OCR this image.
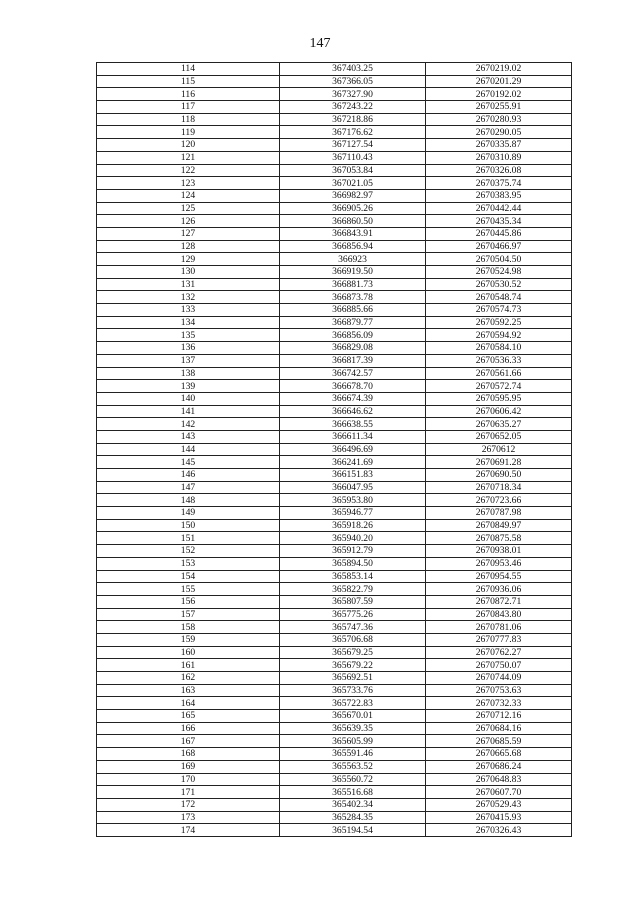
147
114	367403.25	2670219.02
115	367366.05	2670201.29
116	367327.90	2670192.02
117	367243.22	2670255.91
118	367218.86	2670280.93
119	367176.62	2670290.05
120	367127.54	2670335.87
121	367110.43	2670310.89
122	367053.84	2670326.08
123	367021.05	2670375.74
124	366982.97	2670383.95
125	366905.26	2670442.44
126	366860.50	2670435.34
127	366843.91	2670445.86
128	366856.94	2670466.97
129	366923	2670504.50
130	366919.50	2670524.98
131	366881.73	2670530.52
132	366873.78	2670548.74
133	366885.66	2670574.73
134	366879.77	2670592.25
135	366856.09	2670594.92
136	366829.08	2670584.10
137	366817.39	2670536.33
138	366742.57	2670561.66
139	366678.70	2670572.74
140	366674.39	2670595.95
141	366646.62	2670606.42
142	366638.55	2670635.27
143	366611.34	2670652.05
144	366496.69	2670612
145	366241.69	2670691.28
146	366151.83	2670690.50
147	366047.95	2670718.34
148	365953.80	2670723.66
149	365946.77	2670787.98
150	365918.26	2670849.97
151	365940.20	2670875.58
152	365912.79	2670938.01
153	365894.50	2670953.46
154	365853.14	2670954.55
155	365822.79	2670936.06
156	365807.59	2670872.71
157	365775.26	2670843.80
158	365747.36	2670781.06
159	365706.68	2670777.83
160	365679.25	2670762.27
161	365679.22	2670750.07
162	365692.51	2670744.09
163	365733.76	2670753.63
164	365722.83	2670732.33
165	365670.01	2670712.16
166	365639.35	2670684.16
167	365605.99	2670685.59
168	365591.46	2670665.68
169	365563.52	2670686.24
170	365560.72	2670648.83
171	365516.68	2670607.70
172	365402.34	2670529.43
173	365284.35	2670415.93
174	365194.54	2670326.43
